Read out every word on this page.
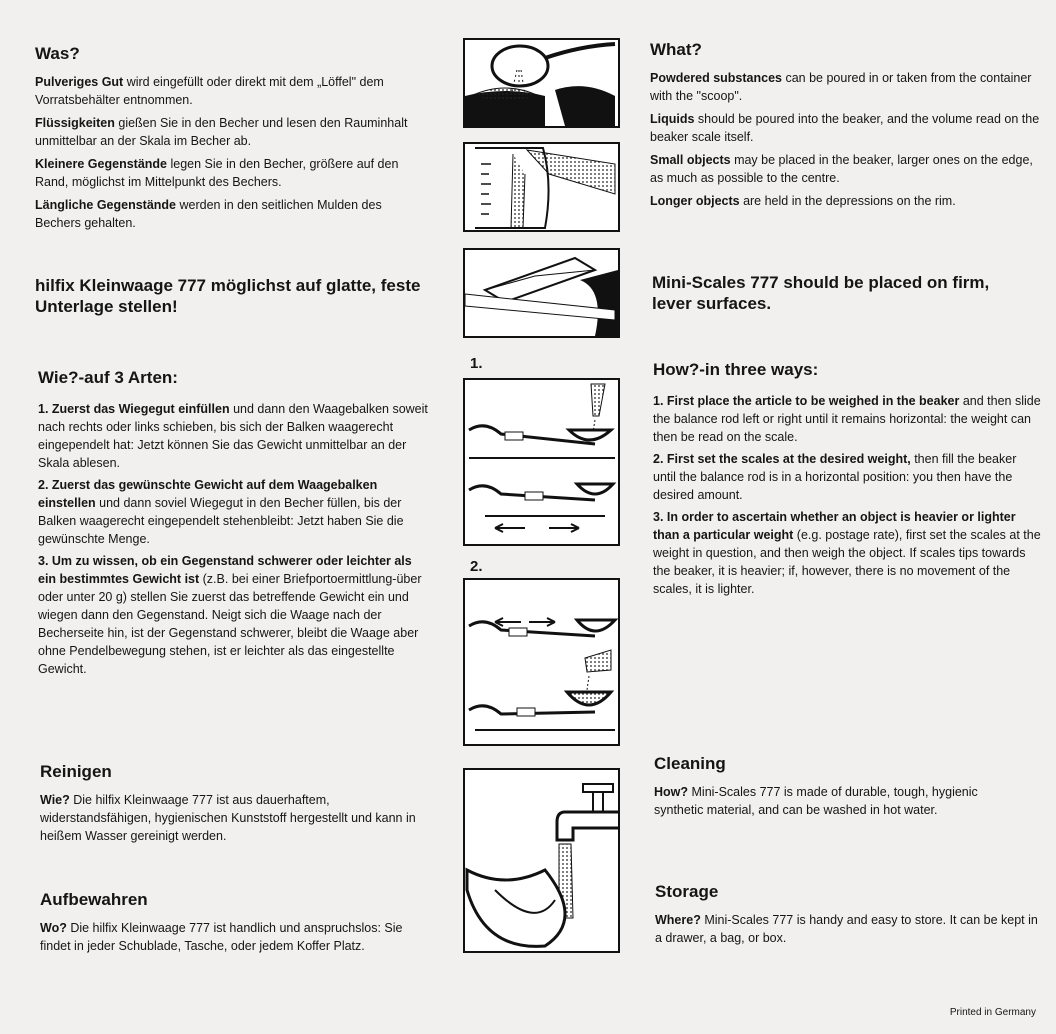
Was?

Pulveriges Gut wird eingefüllt oder direkt mit dem „Löffel" dem Vorratsbehälter entnommen.

Flüssigkeiten gießen Sie in den Becher und lesen den Rauminhalt unmittelbar an der Skala im Becher ab.

Kleinere Gegenstände legen Sie in den Becher, größere auf den Rand, möglichst im Mittelpunkt des Bechers.

Längliche Gegenstände werden in den seitlichen Mulden des Bechers gehalten.

hilfix Kleinwaage 777 möglichst auf glatte, feste Unterlage stellen!
Wie?-auf 3 Arten:

1. Zuerst das Wiegegut einfüllen und dann den Waagebalken soweit nach rechts oder links schieben, bis sich der Balken waagerecht eingependelt hat: Jetzt können Sie das Gewicht unmittelbar an der Skala ablesen.

2. Zuerst das gewünschte Gewicht auf dem Waagebalken einstellen und dann soviel Wiegegut in den Becher füllen, bis der Balken waagerecht eingependelt stehenbleibt: Jetzt haben Sie die gewünschte Menge.

3. Um zu wissen, ob ein Gegenstand schwerer oder leichter als ein bestimmtes Gewicht ist (z.B. bei einer Briefportoermittlung-über oder unter 20 g) stellen Sie zuerst das betreffende Gewicht ein und wiegen dann den Gegenstand. Neigt sich die Waage nach der Becherseite hin, ist der Gegenstand schwerer, bleibt die Waage aber ohne Pendelbewegung stehen, ist er leichter als das eingestellte Gewicht.

Reinigen

Wie? Die hilfix Kleinwaage 777 ist aus dauerhaftem, widerstandsfähigen, hygienischen Kunststoff hergestellt und kann in heißem Wasser gereinigt werden.

Aufbewahren

Wo? Die hilfix Kleinwaage 777 ist handlich und anspruchslos: Sie findet in jeder Schublade, Tasche, oder jedem Koffer Platz.

1.
2.
What?

Powdered substances can be poured in or taken from the container with the "scoop".

Liquids should be poured into the beaker, and the volume read on the beaker scale itself.

Small objects may be placed in the beaker, larger ones on the edge, as much as possible to the centre.

Longer objects are held in the depressions on the rim.

Mini-Scales 777 should be placed on firm, lever surfaces.
How?-in three ways:

1. First place the article to be weighed in the beaker and then slide the balance rod left or right until it remains horizontal: the weight can then be read on the scale.

2. First set the scales at the desired weight, then fill the beaker until the balance rod is in a horizontal position: you then have the desired amount.

3. In order to ascertain whether an object is heavier or lighter than a particular weight (e.g. postage rate), first set the scales at the weight in question, and then weigh the object. If scales tips towards the beaker, it is heavier; if, however, there is no movement of the scales, it is lighter.

Cleaning

How? Mini-Scales 777 is made of durable, tough, hygienic synthetic material, and can be washed in hot water.

Storage

Where? Mini-Scales 777 is handy and easy to store. It can be kept in a drawer, a bag, or box.

Printed in Germany
